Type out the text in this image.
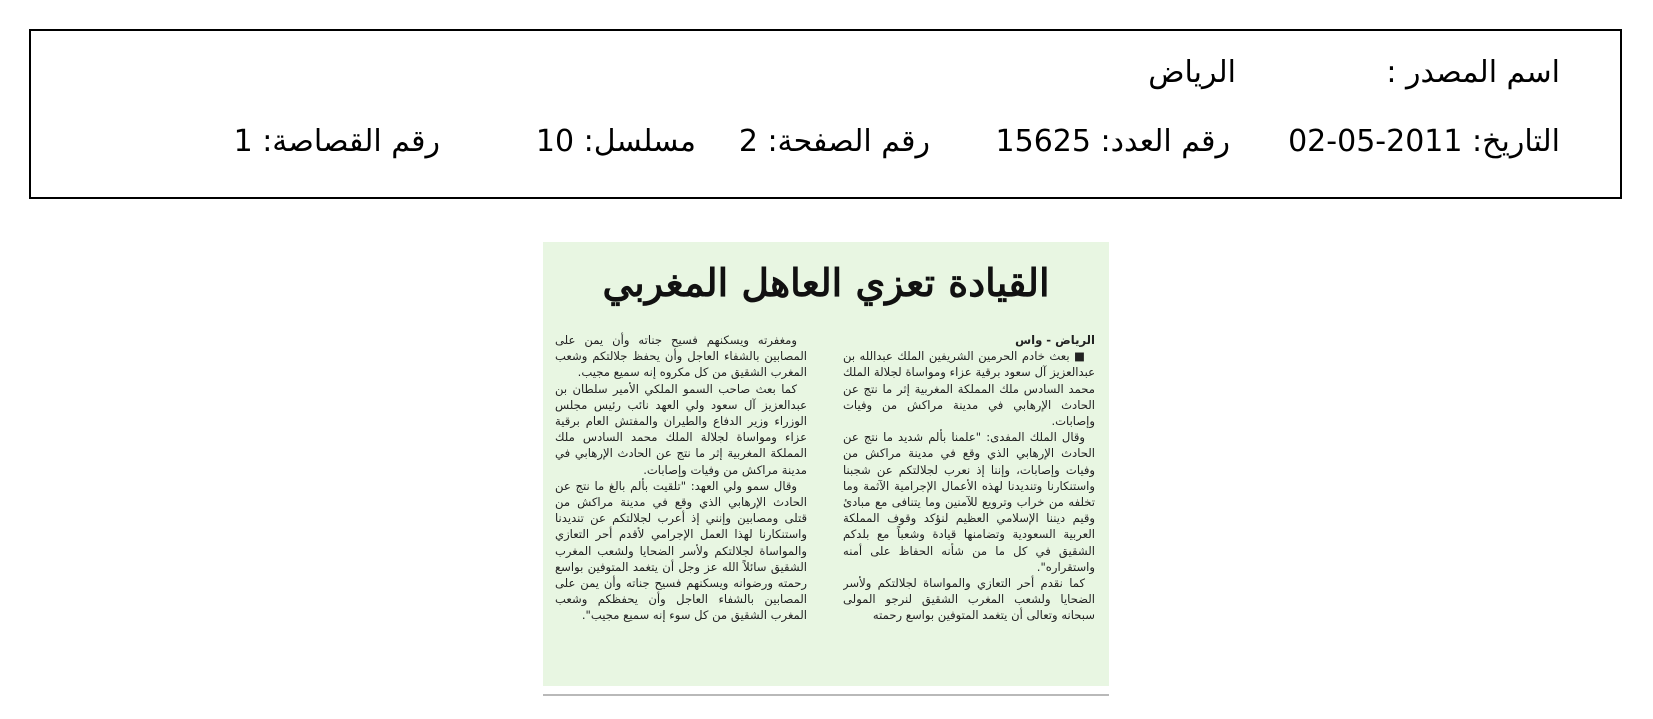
اسم المصدر :
الرياض
التاريخ: 2011-05-02
رقم العدد: 15625
رقم الصفحة: 2
مسلسل: 10
رقم القصاصة: 1
القيادة تعزي العاهل المغربي

الرياض - واس

■ بعث خادم الحرمين الشريفين الملك عبدالله بن عبدالعزيز آل سعود برقية عزاء ومواساة لجلالة الملك محمد السادس ملك المملكة المغربية إثر ما نتج عن الحادث الإرهابي في مدينة مراكش من وفيات وإصابات.

وقال الملك المفدى: "علمنا بألم شديد ما نتج عن الحادث الإرهابي الذي وقع في مدينة مراكش من وفيات وإصابات، وإننا إذ نعرب لجلالتكم عن شجبنا واستنكارنا وتنديدنا لهذه الأعمال الإجرامية الآثمة وما تخلفه من خراب وترويع للآمنين وما يتنافى مع مبادئ وقيم ديننا الإسلامي العظيم لنؤكد وقوف المملكة العربية السعودية وتضامنها قيادة وشعباً مع بلدكم الشقيق في كل ما من شأنه الحفاظ على أمنه واستقراره".

كما نقدم أحر التعازي والمواساة لجلالتكم ولأسر الضحايا ولشعب المغرب الشقيق لنرجو المولى سبحانه وتعالى أن يتغمد المتوفين بواسع رحمته

ومغفرته ويسكنهم فسيح جناته وأن يمن على المصابين بالشفاء العاجل وأن يحفظ جلالتكم وشعب المغرب الشقيق من كل مكروه إنه سميع مجيب.

كما بعث صاحب السمو الملكي الأمير سلطان بن عبدالعزيز آل سعود ولي العهد نائب رئيس مجلس الوزراء وزير الدفاع والطيران والمفتش العام برقية عزاء ومواساة لجلالة الملك محمد السادس ملك المملكة المغربية إثر ما نتج عن الحادث الإرهابي في مدينة مراكش من وفيات وإصابات.

وقال سمو ولي العهد: "تلقيت بألم بالغ ما نتج عن الحادث الإرهابي الذي وقع في مدينة مراكش من قتلى ومصابين وإنني إذ أعرب لجلالتكم عن تنديدنا واستنكارنا لهذا العمل الإجرامي لأقدم أحر التعازي والمواساة لجلالتكم ولأسر الضحايا ولشعب المغرب الشقيق سائلاً الله عز وجل أن يتغمد المتوفين بواسع رحمته ورضوانه ويسكنهم فسيح جناته وأن يمن على المصابين بالشفاء العاجل وأن يحفظكم وشعب المغرب الشقيق من كل سوء إنه سميع مجيب".
